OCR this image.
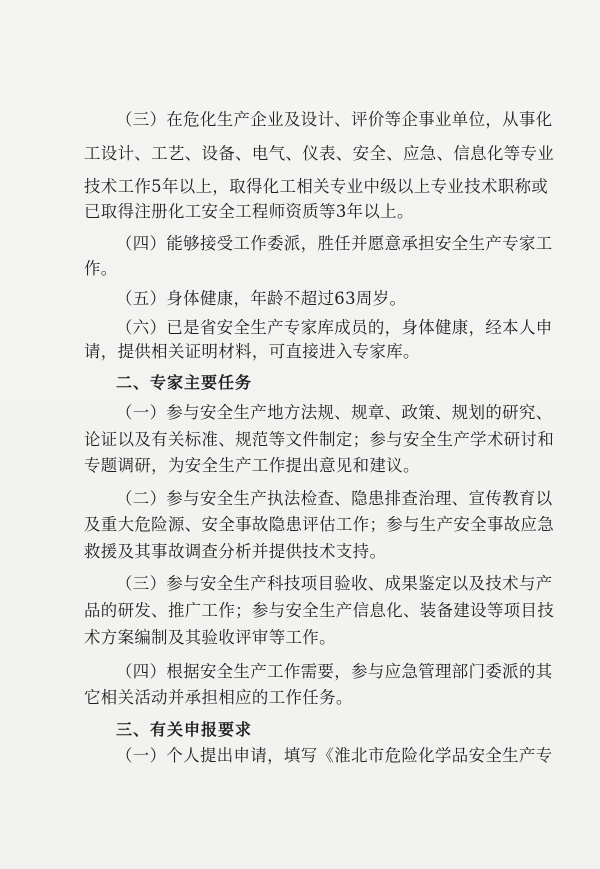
（三）在危化生产企业及设计、评价等企事业单位，从事化
工设计、工艺、设备、电气、仪表、安全、应急、信息化等专业
技术工作5年以上，取得化工相关专业中级以上专业技术职称或
已取得注册化工安全工程师资质等3年以上。
（四）能够接受工作委派，胜任并愿意承担安全生产专家工
作。
（五）身体健康，年龄不超过63周岁。
（六）已是省安全生产专家库成员的，身体健康，经本人申
请，提供相关证明材料，可直接进入专家库。
二、专家主要任务
（一）参与安全生产地方法规、规章、政策、规划的研究、
论证以及有关标准、规范等文件制定；参与安全生产学术研讨和
专题调研，为安全生产工作提出意见和建议。
（二）参与安全生产执法检查、隐患排查治理、宣传教育以
及重大危险源、安全事故隐患评估工作；参与生产安全事故应急
救援及其事故调查分析并提供技术支持。
（三）参与安全生产科技项目验收、成果鉴定以及技术与产
品的研发、推广工作；参与安全生产信息化、装备建设等项目技
术方案编制及其验收评审等工作。
（四）根据安全生产工作需要，参与应急管理部门委派的其
它相关活动并承担相应的工作任务。
三、有关申报要求
（一）个人提出申请，填写《淮北市危险化学品安全生产专
